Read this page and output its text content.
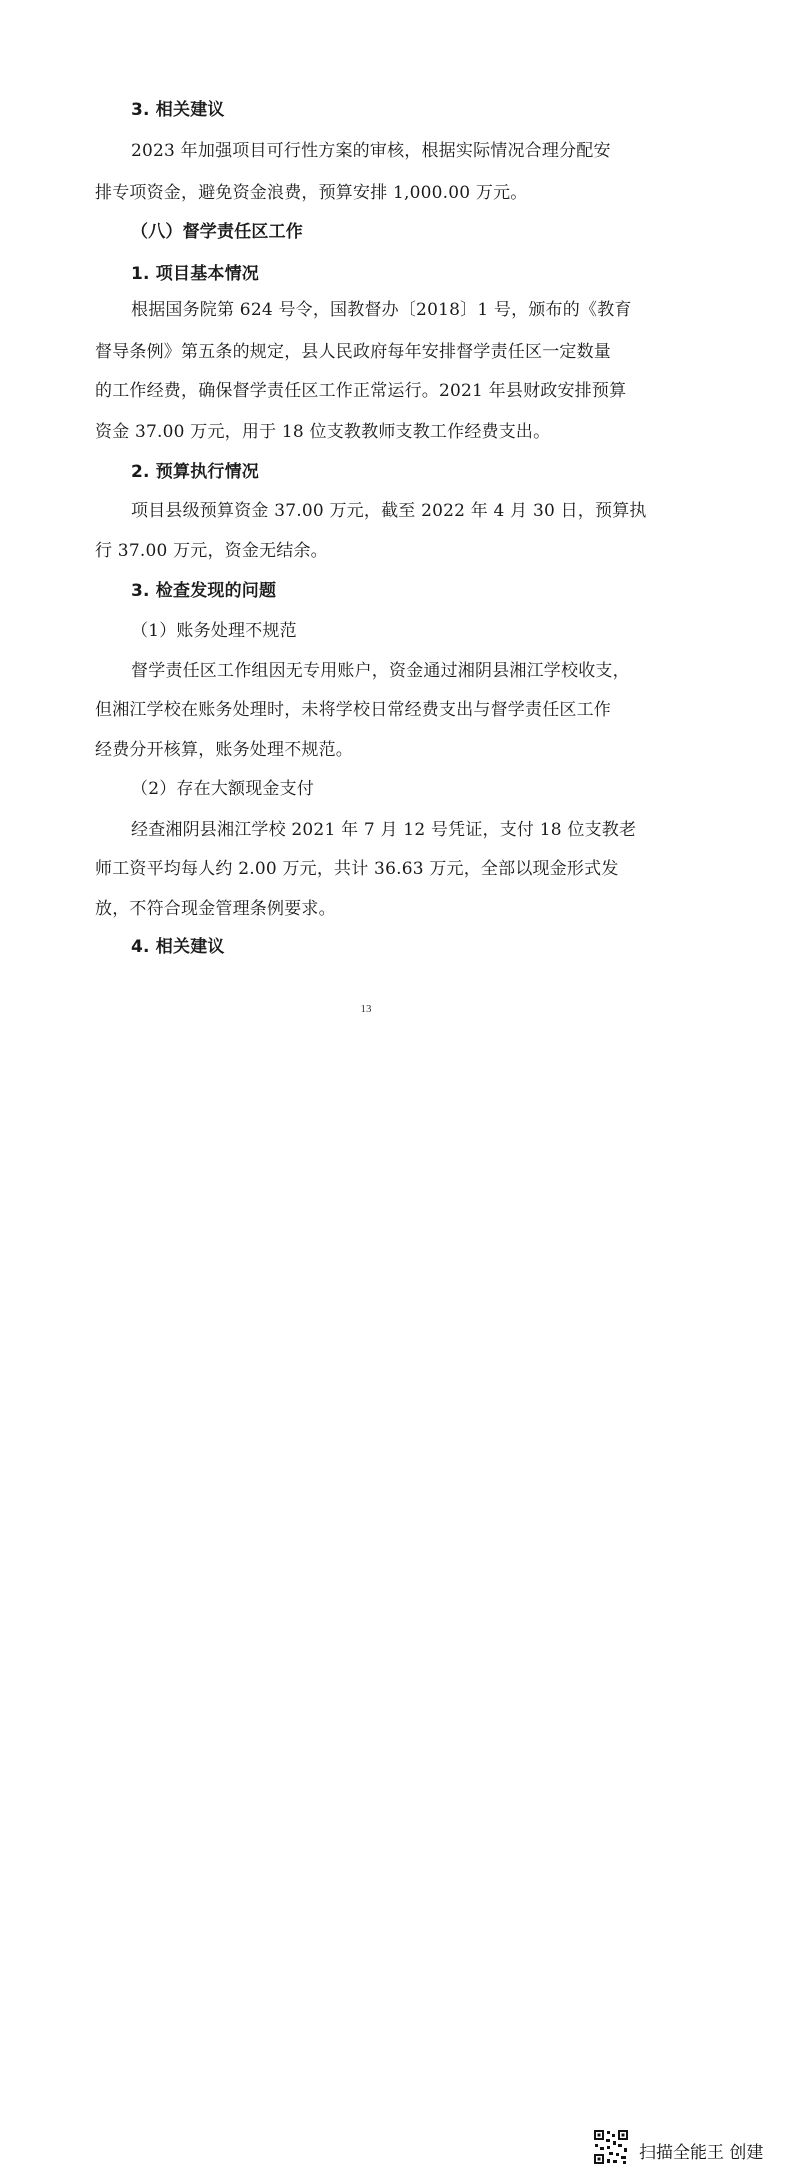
3. 相关建议
2023 年加强项目可行性方案的审核，根据实际情况合理分配安
排专项资金，避免资金浪费，预算安排 1,000.00 万元。
（八）督学责任区工作
1. 项目基本情况
根据国务院第 624 号令，国教督办〔2018〕1 号，颁布的《教育
督导条例》第五条的规定，县人民政府每年安排督学责任区一定数量
的工作经费，确保督学责任区工作正常运行。2021 年县财政安排预算
资金 37.00 万元，用于 18 位支教教师支教工作经费支出。
2. 预算执行情况
项目县级预算资金 37.00 万元，截至 2022 年 4 月 30 日，预算执
行 37.00 万元，资金无结余。
3. 检查发现的问题
（1）账务处理不规范
督学责任区工作组因无专用账户，资金通过湘阴县湘江学校收支，
但湘江学校在账务处理时，未将学校日常经费支出与督学责任区工作
经费分开核算，账务处理不规范。
（2）存在大额现金支付
经查湘阴县湘江学校 2021 年 7 月 12 号凭证，支付 18 位支教老
师工资平均每人约 2.00 万元，共计 36.63 万元，全部以现金形式发
放，不符合现金管理条例要求。
4. 相关建议
13
扫描全能王 创建
